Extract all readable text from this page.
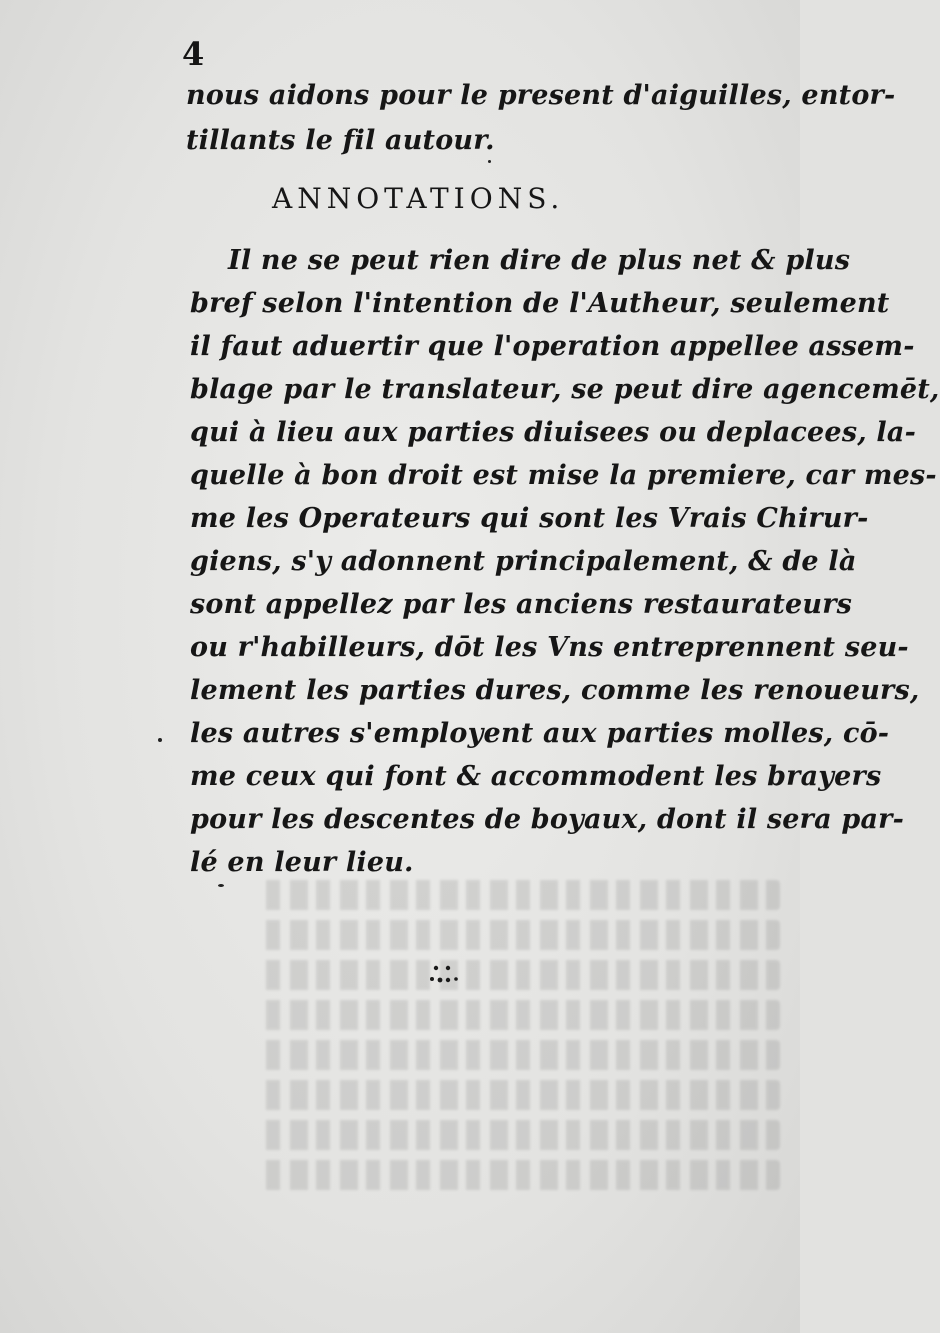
4
nous aidons pour le present d'aiguilles, entor-
tillants le fil autour.
ANNOTATIONS.
Il ne se peut rien dire de plus net & plus
bref selon l'intention de l'Autheur, seulement
il faut aduertir que l'operation appellee assem-
blage par le translateur, se peut dire agencemēt,
qui à lieu aux parties diuisees ou deplacees, la-
quelle à bon droit est mise la premiere, car mes-
me les Operateurs qui sont les Vrais Chirur-
giens, s'y adonnent principalement, & de là
sont appellez par les anciens restaurateurs
ou r'habilleurs, dōt les Vns entreprennent seu-
lement les parties dures, comme les renoueurs,
les autres s'employent aux parties molles, cō-
me ceux qui font & accommodent les brayers
pour les descentes de boyaux, dont il sera par-
lé en leur lieu.
